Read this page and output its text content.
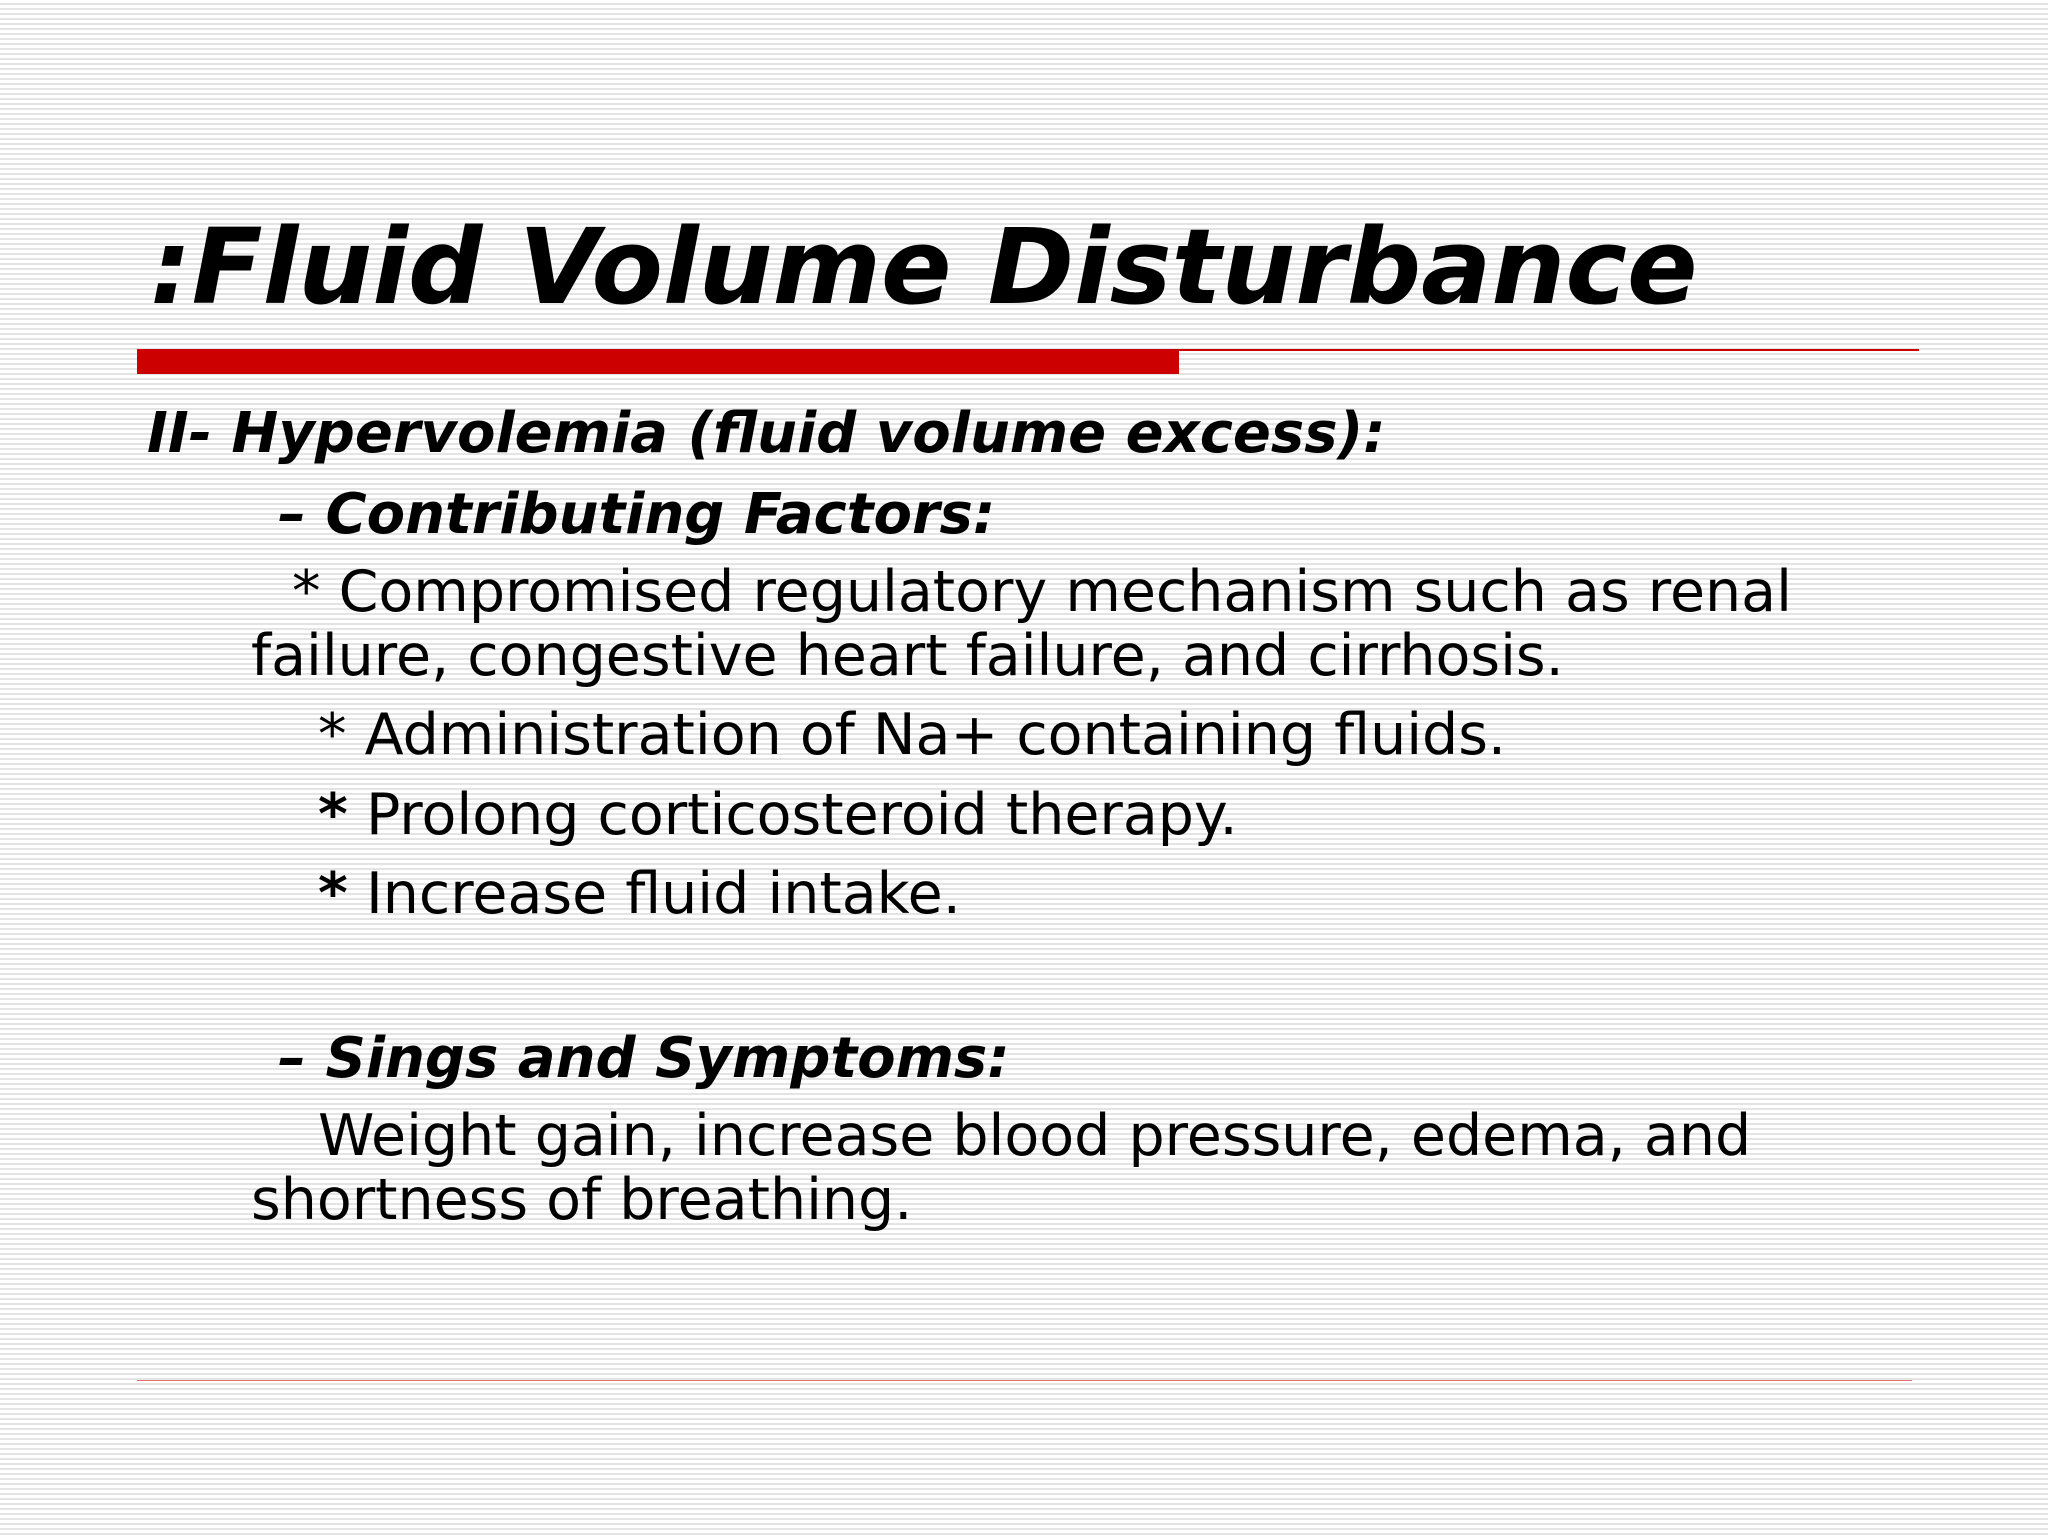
:Fluid Volume Disturbance

II- Hypervolemia (fluid volume excess):

– Contributing Factors:

* Compromised regulatory mechanism such as renal

failure, congestive heart failure, and cirrhosis.

* Administration of Na+ containing fluids.

* Prolong corticosteroid therapy.

* Increase fluid intake.

– Sings and Symptoms:

Weight gain, increase blood pressure, edema, and

shortness of breathing.
